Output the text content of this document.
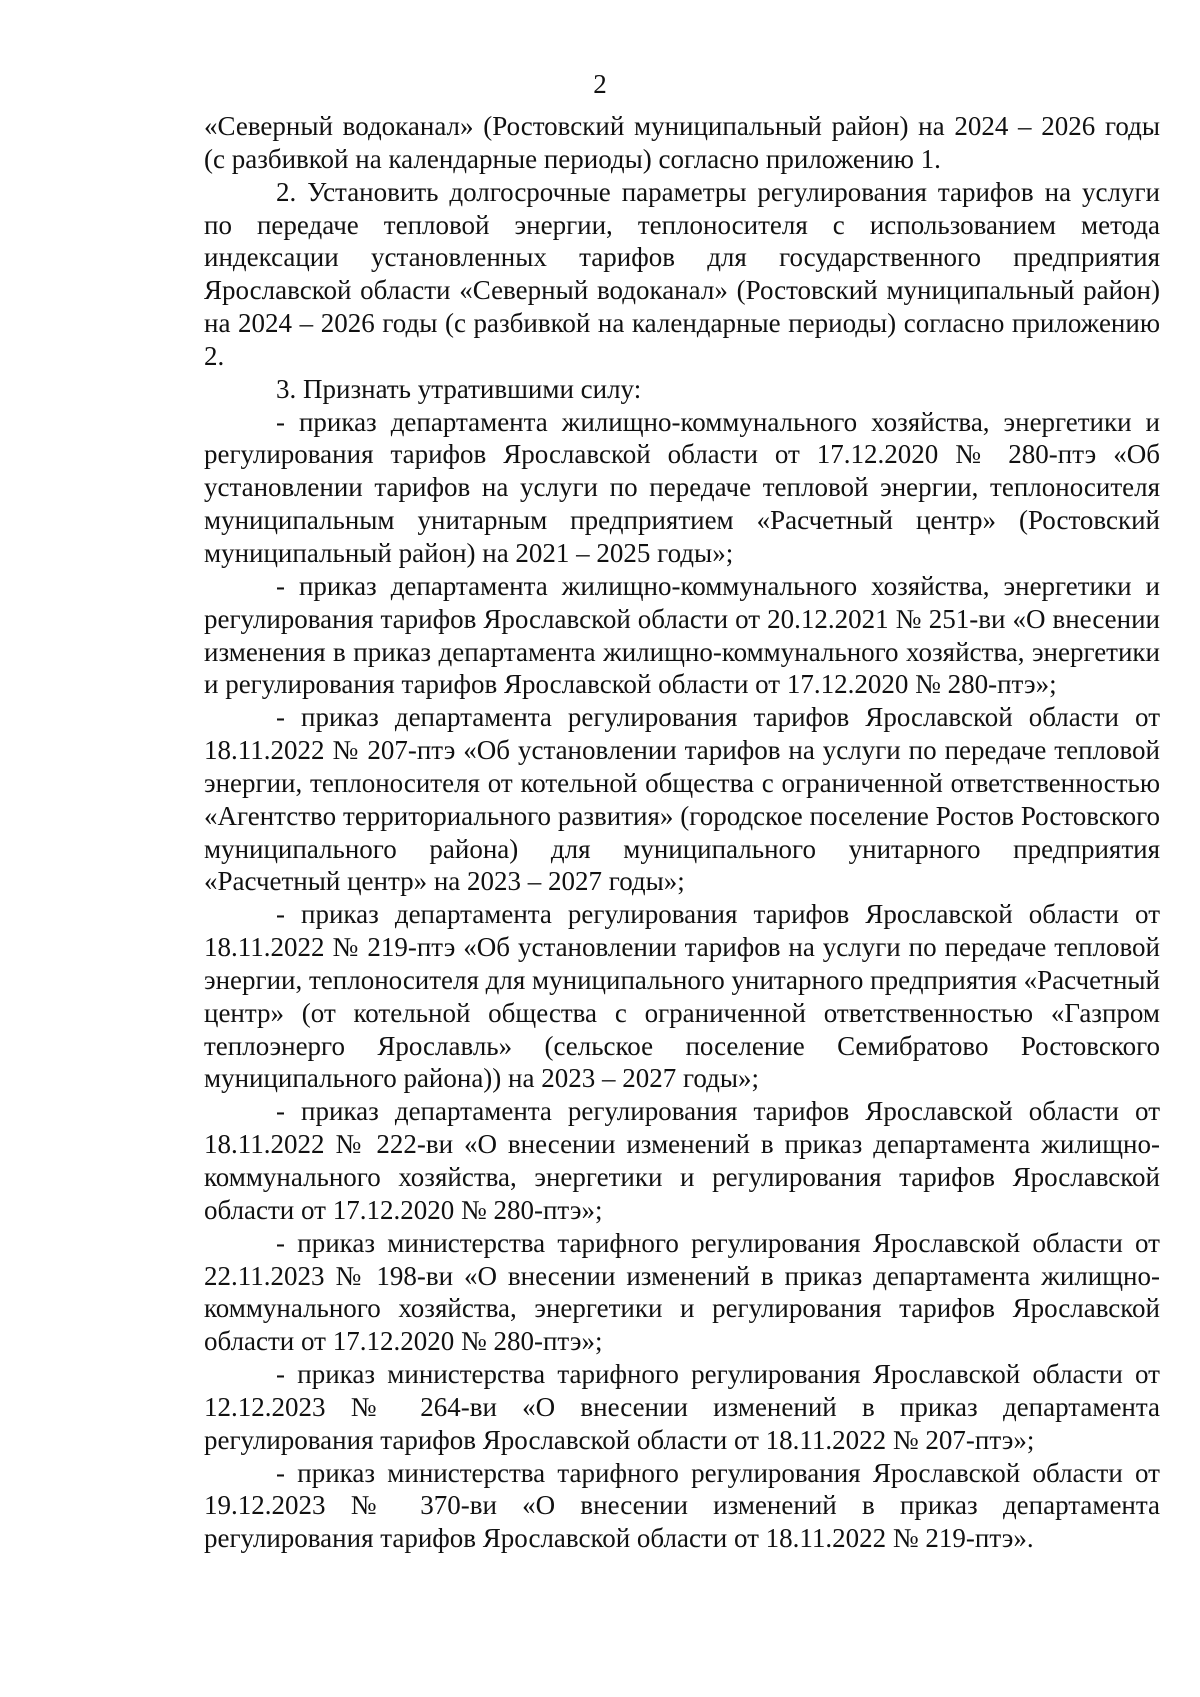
2

«Северный водоканал» (Ростовский муниципальный район) на 2024 – 2026 годы (с разбивкой на календарные периоды) согласно приложению 1.

2. Установить долгосрочные параметры регулирования тарифов на услуги по передаче тепловой энергии, теплоносителя с использованием метода индексации установленных тарифов для государственного предприятия Ярославской области «Северный водоканал» (Ростовский муниципальный район) на 2024 – 2026 годы (с разбивкой на календарные периоды) согласно приложению 2.

3. Признать утратившими силу:

- приказ департамента жилищно-коммунального хозяйства, энергетики и регулирования тарифов Ярославской области от 17.12.2020 № 280-птэ «Об установлении тарифов на услуги по передаче тепловой энергии, теплоносителя муниципальным унитарным предприятием «Расчетный центр» (Ростовский муниципальный район) на 2021 – 2025 годы»;

- приказ департамента жилищно-коммунального хозяйства, энергетики и регулирования тарифов Ярославской области от 20.12.2021 № 251-ви «О внесении изменения в приказ департамента жилищно-коммунального хозяйства, энергетики и регулирования тарифов Ярославской области от 17.12.2020 № 280-птэ»;

- приказ департамента регулирования тарифов Ярославской области от 18.11.2022 № 207-птэ «Об установлении тарифов на услуги по передаче тепловой энергии, теплоносителя от котельной общества с ограниченной ответственностью «Агентство территориального развития» (городское поселение Ростов Ростовского муниципального района) для муниципального унитарного предприятия «Расчетный центр» на 2023 – 2027 годы»;

- приказ департамента регулирования тарифов Ярославской области от 18.11.2022 № 219-птэ «Об установлении тарифов на услуги по передаче тепловой энергии, теплоносителя для муниципального унитарного предприятия «Расчетный центр» (от котельной общества с ограниченной ответственностью «Газпром теплоэнерго Ярославль» (сельское поселение Семибратово Ростовского муниципального района)) на 2023 – 2027 годы»;

- приказ департамента регулирования тарифов Ярославской области от 18.11.2022 № 222-ви «О внесении изменений в приказ департамента жилищно-коммунального хозяйства, энергетики и регулирования тарифов Ярославской области от 17.12.2020 № 280-птэ»;

- приказ министерства тарифного регулирования Ярославской области от 22.11.2023 № 198-ви «О внесении изменений в приказ департамента жилищно-коммунального хозяйства, энергетики и регулирования тарифов Ярославской области от 17.12.2020 № 280-птэ»;

- приказ министерства тарифного регулирования Ярославской области от 12.12.2023 № 264-ви «О внесении изменений в приказ департамента регулирования тарифов Ярославской области от 18.11.2022 № 207-птэ»;

- приказ министерства тарифного регулирования Ярославской области от 19.12.2023 № 370-ви «О внесении изменений в приказ департамента регулирования тарифов Ярославской области от 18.11.2022 № 219-птэ».
